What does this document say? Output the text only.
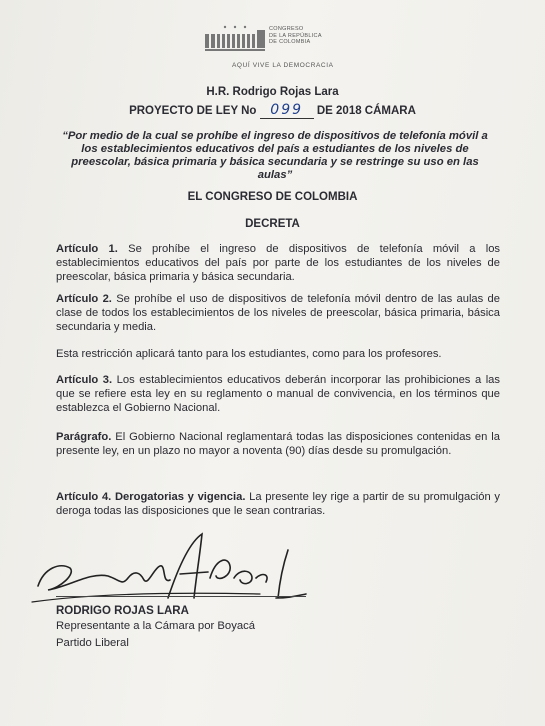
CONGRESO
DE LA REPÚBLICA
DE COLOMBIA
AQUÍ VIVE LA DEMOCRACIA
H.R. Rodrigo Rojas Lara
PROYECTO DE LEY No 099 DE 2018 CÁMARA
“Por medio de la cual se prohíbe el ingreso de dispositivos de telefonía móvil a los establecimientos educativos del país a estudiantes de los niveles de preescolar, básica primaria y básica secundaria y se restringe su uso en las aulas”
EL CONGRESO DE COLOMBIA
DECRETA
Artículo 1. Se prohíbe el ingreso de dispositivos de telefonía móvil a los establecimientos educativos del país por parte de los estudiantes de los niveles de preescolar, básica primaria y básica secundaria.
Artículo 2. Se prohíbe el uso de dispositivos de telefonía móvil dentro de las aulas de clase de todos los establecimientos de los niveles de preescolar, básica primaria, básica secundaria y media.
Esta restricción aplicará tanto para los estudiantes, como para los profesores.
Artículo 3. Los establecimientos educativos deberán incorporar las prohibiciones a las que se refiere esta ley en su reglamento o manual de convivencia, en los términos que establezca el Gobierno Nacional.
Parágrafo. El Gobierno Nacional reglamentará todas las disposiciones contenidas en la presente ley, en un plazo no mayor a noventa (90) días desde su promulgación.
Artículo 4. Derogatorias y vigencia. La presente ley rige a partir de su promulgación y deroga todas las disposiciones que le sean contrarias.
RODRIGO ROJAS LARA
Representante a la Cámara por Boyacá
Partido Liberal
